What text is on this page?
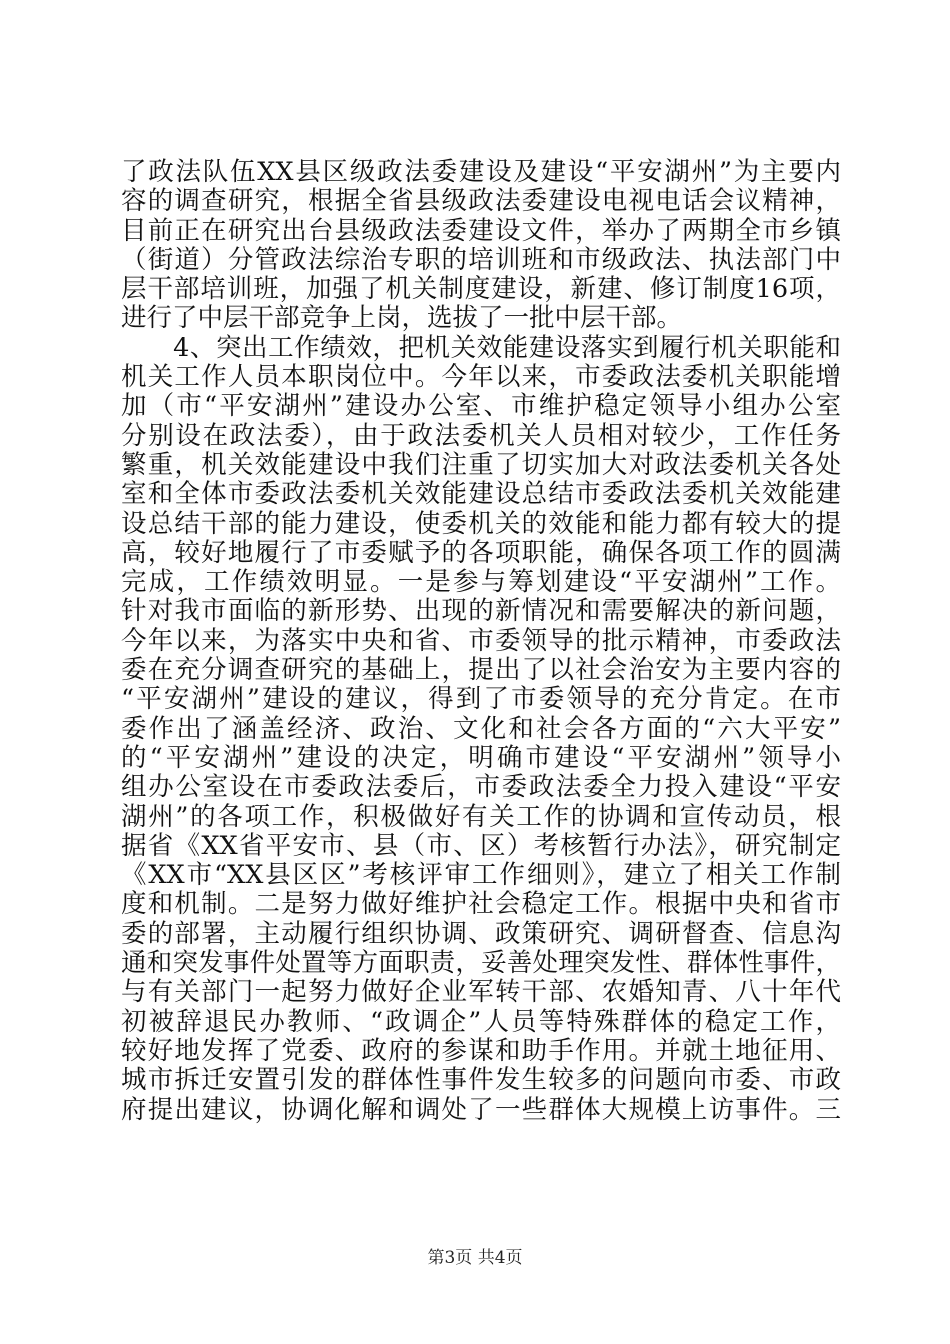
了政法队伍XX县区级政法委建设及建设“平安湖州”为主要内
容的调查研究，根据全省县级政法委建设电视电话会议精神，
目前正在研究出台县级政法委建设文件，举办了两期全市乡镇
（街道）分管政法综治专职的培训班和市级政法、执法部门中
层干部培训班，加强了机关制度建设，新建、修订制度16项，
进行了中层干部竞争上岗，选拔了一批中层干部。
　　4、突出工作绩效，把机关效能建设落实到履行机关职能和
机关工作人员本职岗位中。今年以来，市委政法委机关职能增
加（市“平安湖州”建设办公室、市维护稳定领导小组办公室
分别设在政法委），由于政法委机关人员相对较少，工作任务
繁重，机关效能建设中我们注重了切实加大对政法委机关各处
室和全体市委政法委机关效能建设总结市委政法委机关效能建
设总结干部的能力建设，使委机关的效能和能力都有较大的提
高，较好地履行了市委赋予的各项职能，确保各项工作的圆满
完成，工作绩效明显。一是参与筹划建设“平安湖州”工作。
针对我市面临的新形势、出现的新情况和需要解决的新问题，
今年以来，为落实中央和省、市委领导的批示精神，市委政法
委在充分调查研究的基础上，提出了以社会治安为主要内容的
“平安湖州”建设的建议，得到了市委领导的充分肯定。在市
委作出了涵盖经济、政治、文化和社会各方面的“六大平安”
的“平安湖州”建设的决定，明确市建设“平安湖州”领导小
组办公室设在市委政法委后，市委政法委全力投入建设“平安
湖州”的各项工作，积极做好有关工作的协调和宣传动员，根
据省《XX省平安市、县（市、区）考核暂行办法》，研究制定
《XX市“XX县区区”考核评审工作细则》，建立了相关工作制
度和机制。二是努力做好维护社会稳定工作。根据中央和省市
委的部署，主动履行组织协调、政策研究、调研督查、信息沟
通和突发事件处置等方面职责，妥善处理突发性、群体性事件，
与有关部门一起努力做好企业军转干部、农婚知青、八十年代
初被辞退民办教师、“政调企”人员等特殊群体的稳定工作，
较好地发挥了党委、政府的参谋和助手作用。并就土地征用、
城市拆迁安置引发的群体性事件发生较多的问题向市委、市政
府提出建议，协调化解和调处了一些群体大规模上访事件。三
第3页 共4页
